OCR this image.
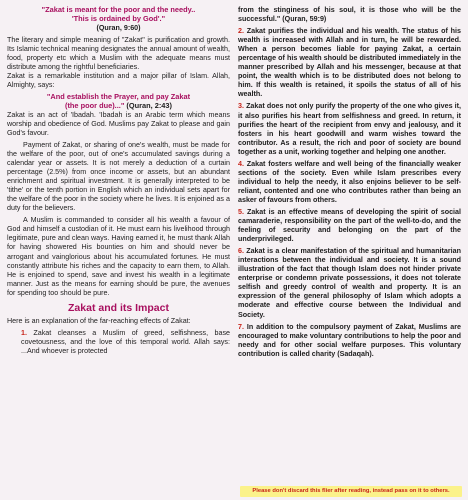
"Zakat is meant for the poor and the needy..
'This is ordained by God'."
(Quran, 9:60)

The literary and simple meaning of "Zakat" is purification and growth. Its Islamic technical meaning designates the annual amount of wealth, food, property etc which a Muslim with the adequate means must distribute among the rightful beneficiaries.

Zakat is a remarkable institution and a major pillar of Islam. Allah, Almighty, says:

"And establish the Prayer, and pay Zakat
(the poor due)..." (Quran, 2:43)

Zakat is an act of 'Ibadah. 'Ibadah is an Arabic term which means worship and obedience of God. Muslims pay Zakat to please and gain God's favour.

Payment of Zakat, or sharing of one's wealth, must be made for the welfare of the poor, out of one's accumulated savings during a calendar year or assets. It is not merely a deduction of a curtain percentage (2.5%) from once income or assets, but an abundant enrichment and spiritual investment. It is generally interpreted to be 'tithe' or the tenth portion in English which an individual sets apart for the welfare of the poor in the society where he lives. It is enjoined as a duty for the believers.

A Muslim is commanded to consider all his wealth a favour of God and himself a custodian of it. He must earn his livelihood through legitimate, pure and clean ways. Having earned it, he must thank Allah for having showered His bounties on him and should never be arrogant and vainglorious about his accumulated fortunes. He must constantly attribute his riches and the capacity to earn them, to Allah. He is enjoined to spend, save and invest his wealth in a legitimate manner. Just as the means for earning should be pure, the avenues for spending too should be pure.

Zakat and its Impact

Here is an explanation of the far-reaching effects of Zakat:

1. Zakat cleanses a Muslim of greed, selfishness, base covetousness, and the love of this temporal world. Allah says: ...And whoever is protected

from the stinginess of his soul, it is those who will be the successful." (Quran, 59:9)

2. Zakat purifies the individual and his wealth. The status of his wealth is increased with Allah and in turn, he will be rewarded. When a person becomes liable for paying Zakat, a certain percentage of his wealth should be distributed immediately in the manner prescribed by Allah and his messenger, because at that point, the wealth which is to be distributed does not belong to him. If this wealth is retained, it spoils the status of all of his wealth.

3. Zakat does not only purify the property of the one who gives it, it also purifies his heart from selfishness and greed. In return, it purifies the heart of the recipient from envy and jealousy, and it fosters in his heart goodwill and warm wishes toward the contributor. As a result, the rich and poor of society are bound together as a unit, working together and helping one another.

4. Zakat fosters welfare and well being of the financially weaker sections of the society. Even while Islam prescribes every individual to help the needy, it also enjoins believer to be self-reliant, contented and one who contributes rather than being an asker of favours from others.

5. Zakat is an effective means of developing the spirit of social camaraderie, responsibility on the part of the well-to-do, and the feeling of security and belonging on the part of the underprivileged.

6. Zakat is a clear manifestation of the spiritual and humanitarian interactions between the individual and society. It is a sound illustration of the fact that though Islam does not hinder private enterprise or condemn private possessions, it does not tolerate selfish and greedy control of wealth and property. It is an expression of the general philosophy of Islam which adopts a moderate and effective course between the Individual and Society.

7. In addition to the compulsory payment of Zakat, Muslims are encouraged to make voluntary contributions to help the poor and needy and for other social welfare purposes. This voluntary contribution is called charity (Sadaqah).

Please don't discard this flier after reading, instead pass on it to others.
